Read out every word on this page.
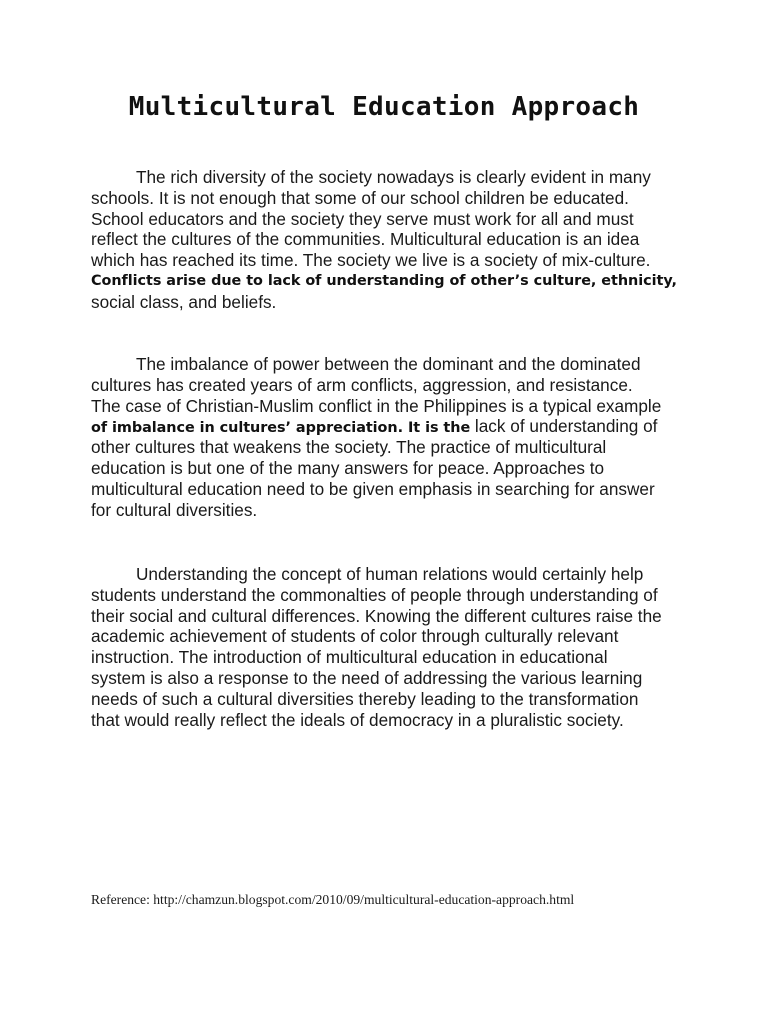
Multicultural Education Approach

The rich diversity of the society nowadays is clearly evident in many
schools. It is not enough that some of our school children be educated.
School educators and the society they serve must work for all and must
reflect the cultures of the communities. Multicultural education is an idea
which has reached its time. The society we live is a society of mix-culture.
Conflicts arise due to lack of understanding of other’s culture, ethnicity,
social class, and beliefs.

The imbalance of power between the dominant and the dominated
cultures has created years of arm conflicts, aggression, and resistance.
The case of Christian-Muslim conflict in the Philippines is a typical example
of imbalance in cultures’ appreciation. It is the lack of understanding of
other cultures that weakens the society. The practice of multicultural
education is but one of the many answers for peace. Approaches to
multicultural education need to be given emphasis in searching for answer
for cultural diversities.

Understanding the concept of human relations would certainly help
students understand the commonalties of people through understanding of
their social and cultural differences. Knowing the different cultures raise the
academic achievement of students of color through culturally relevant
instruction. The introduction of multicultural education in educational
system is also a response to the need of addressing the various learning
needs of such a cultural diversities thereby leading to the transformation
that would really reflect the ideals of democracy in a pluralistic society.

Reference: http://chamzun.blogspot.com/2010/09/multicultural-education-approach.html
